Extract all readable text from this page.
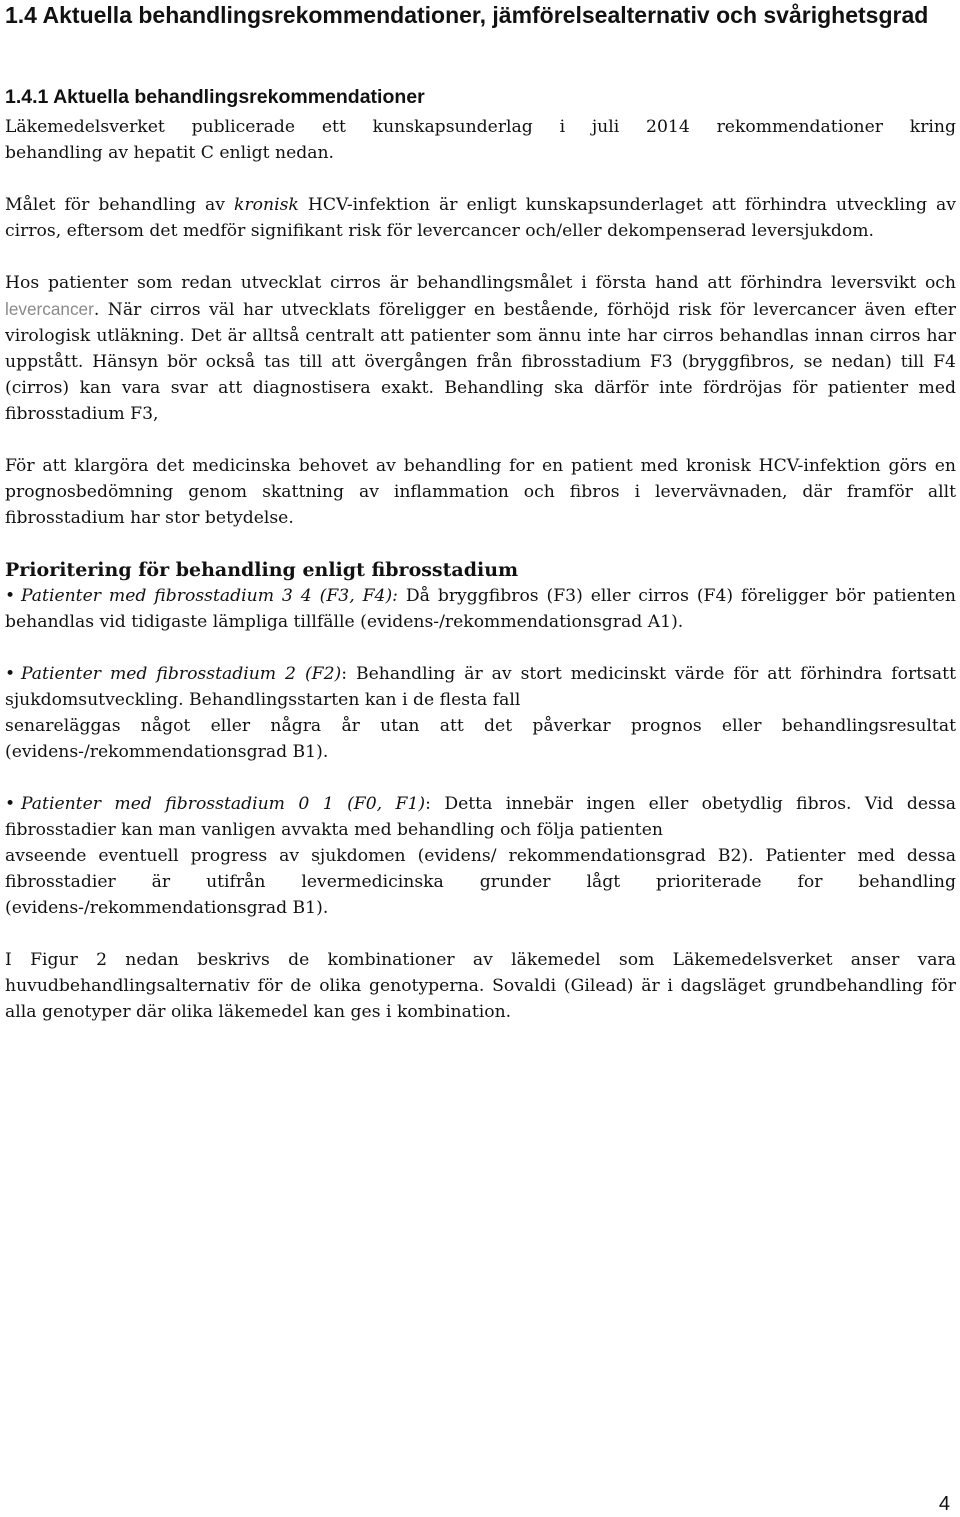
1.4 Aktuella behandlingsrekommendationer, jämförelsealternativ och svårighetsgrad
1.4.1 Aktuella behandlingsrekommendationer

Läkemedelsverket publicerade ett kunskapsunderlag i juli 2014 rekommendationer kring

behandling av hepatit C enligt nedan.

Målet för behandling av kronisk HCV-infektion är enligt kunskapsunderlaget att förhindra utveckling av cirros, eftersom det medför signifikant risk för levercancer och/eller dekompenserad leversjukdom.

Hos patienter som redan utvecklat cirros är behandlingsmålet i första hand att förhindra leversvikt och levercancer. När cirros väl har utvecklats föreligger en bestående, förhöjd risk för levercancer även efter virologisk utläkning. Det är alltså centralt att patienter som ännu inte har cirros behandlas innan cirros har uppstått. Hänsyn bör också tas till att övergången från fibrosstadium F3 (bryggfibros, se nedan) till F4 (cirros) kan vara svar att diagnostisera exakt. Behandling ska därför inte fördröjas för patienter med fibrosstadium F3,

För att klargöra det medicinska behovet av behandling for en patient med kronisk HCV-infektion görs en prognosbedömning genom skattning av inflammation och fibros i levervävnaden, där framför allt fibrosstadium har stor betydelse.

Prioritering för behandling enligt fibrosstadium

• Patienter med fibrosstadium 3 4 (F3, F4): Då bryggfibros (F3) eller cirros (F4) föreligger bör patienten behandlas vid tidigaste lämpliga tillfälle (evidens-/rekommendationsgrad A1).

• Patienter med fibrosstadium 2 (F2): Behandling är av stort medicinskt värde för att förhindra fortsatt sjukdomsutveckling. Behandlingsstarten kan i de flesta fall

senareläggas något eller några år utan att det påverkar prognos eller behandlingsresultat (evidens-/rekommendationsgrad B1).

• Patienter med fibrosstadium 0 1 (F0, F1): Detta innebär ingen eller obetydlig fibros. Vid dessa fibrosstadier kan man vanligen avvakta med behandling och följa patienten

avseende eventuell progress av sjukdomen (evidens/ rekommendationsgrad B2). Patienter med dessa fibrosstadier är utifrån levermedicinska grunder lågt prioriterade for behandling (evidens-/rekommendationsgrad B1).

I Figur 2 nedan beskrivs de kombinationer av läkemedel som Läkemedelsverket anser vara huvudbehandlingsalternativ för de olika genotyperna. Sovaldi (Gilead) är i dagsläget grundbehandling för alla genotyper där olika läkemedel kan ges i kombination.

4
